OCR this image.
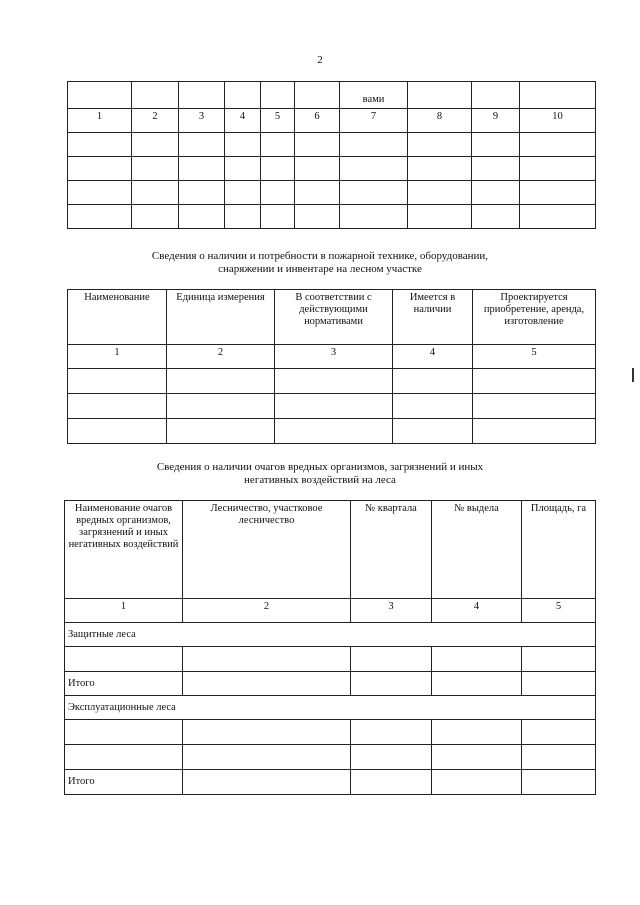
2
						вами			
1	2	3	4	5	6	7	8	9	10

Сведения о наличии и потребности в пожарной технике, оборудовании,
снаряжении и инвентаре на лесном участке
Наименование	Единица измерения	В соответствии с действующими нормативами	Имеется в наличии	Проектируется приобретение, аренда, изготовление
1	2	3	4	5

Сведения о наличии очагов вредных организмов, загрязнений и иных
негативных воздействий на леса
Наименование очагов вредных организмов, загрязнений и иных негативных воздействий	Лесничество, участковое лесничество	№ квартала	№ выдела	Площадь, га
1	2	3	4	5
Защитные леса				

Итого				
Эксплуатационные леса				

Итого				
